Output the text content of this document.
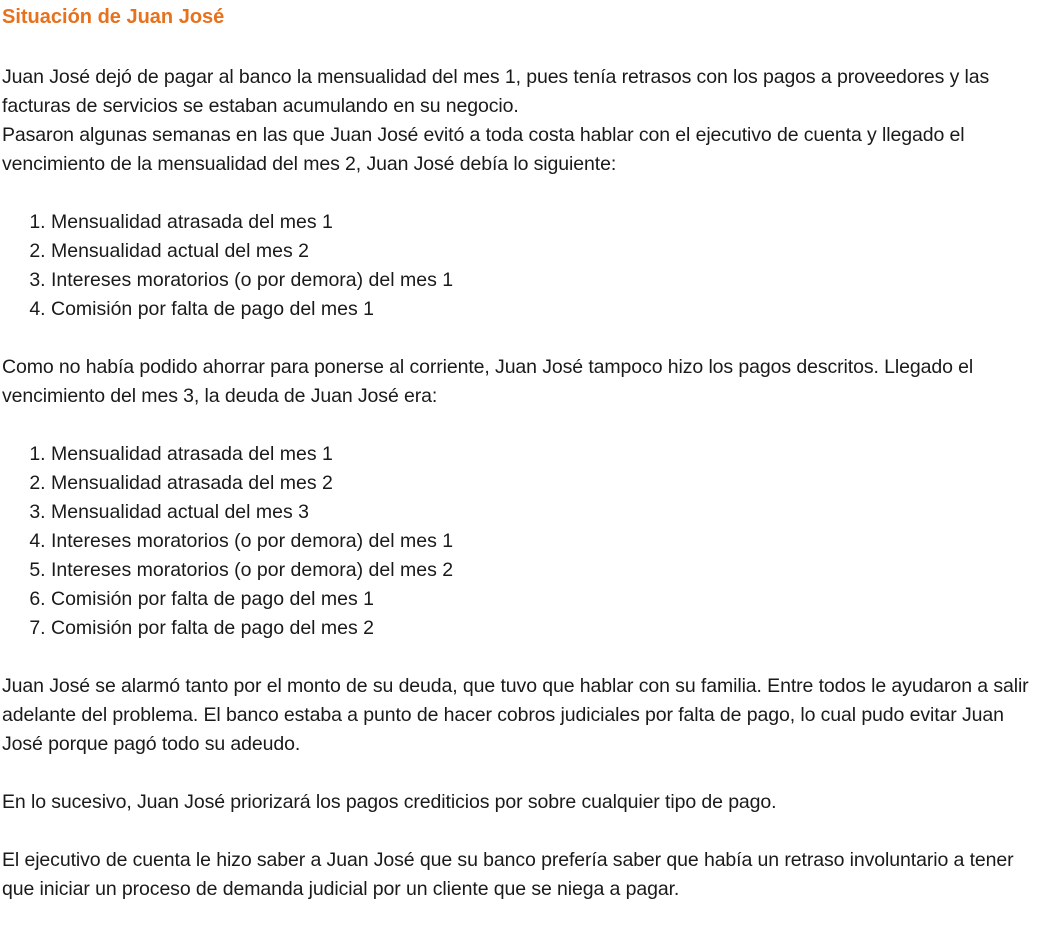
Situación de Juan José

Juan José dejó de pagar al banco la mensualidad del mes 1, pues tenía retrasos con los pagos a proveedores y las facturas de servicios se estaban acumulando en su negocio.
Pasaron algunas semanas en las que Juan José evitó a toda costa hablar con el ejecutivo de cuenta y llegado el vencimiento de la mensualidad del mes 2, Juan José debía lo siguiente:

1. Mensualidad atrasada del mes 1
2. Mensualidad actual del mes 2
3. Intereses moratorios (o por demora) del mes 1
4. Comisión por falta de pago del mes 1

Como no había podido ahorrar para ponerse al corriente, Juan José tampoco hizo los pagos descritos. Llegado el vencimiento del mes 3, la deuda de Juan José era:

1. Mensualidad atrasada del mes 1
2. Mensualidad atrasada del mes 2
3. Mensualidad actual del mes 3
4. Intereses moratorios (o por demora) del mes 1
5. Intereses moratorios (o por demora) del mes 2
6. Comisión por falta de pago del mes 1
7. Comisión por falta de pago del mes 2

Juan José se alarmó tanto por el monto de su deuda, que tuvo que hablar con su familia. Entre todos le ayudaron a salir adelante del problema. El banco estaba a punto de hacer cobros judiciales por falta de pago, lo cual pudo evitar Juan José porque pagó todo su adeudo.

En lo sucesivo, Juan José priorizará los pagos crediticios por sobre cualquier tipo de pago.

El ejecutivo de cuenta le hizo saber a Juan José que su banco prefería saber que había un retraso involuntario a tener que iniciar un proceso de demanda judicial por un cliente que se niega a pagar.
